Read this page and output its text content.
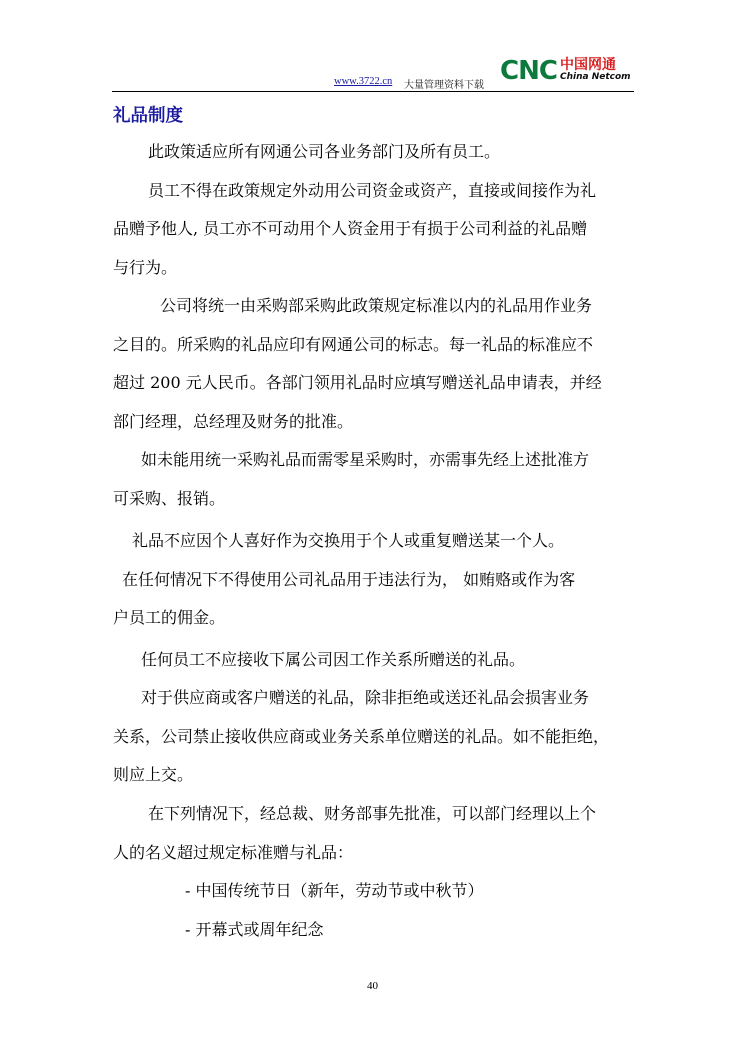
www.3722.cn 大量管理资料下载 CNC 中国网通
China Netcom
礼品制度
此政策适应所有网通公司各业务部门及所有员工。
员工不得在政策规定外动用公司资金或资产，直接或间接作为礼
品赠予他人, 员工亦不可动用个人资金用于有损于公司利益的礼品赠
与行为。
公司将统一由采购部采购此政策规定标准以内的礼品用作业务
之目的。所采购的礼品应印有网通公司的标志。每一礼品的标准应不
超过 200 元人民币。各部门领用礼品时应填写赠送礼品申请表，并经
部门经理，总经理及财务的批准。
如未能用统一采购礼品而需零星采购时，亦需事先经上述批准方
可采购、报销。
礼品不应因个人喜好作为交换用于个人或重复赠送某一个人。
在任何情况下不得使用公司礼品用于违法行为， 如贿赂或作为客
户员工的佣金。
任何员工不应接收下属公司因工作关系所赠送的礼品。
对于供应商或客户赠送的礼品，除非拒绝或送还礼品会损害业务
关系，公司禁止接收供应商或业务关系单位赠送的礼品。如不能拒绝，
则应上交。
在下列情况下，经总裁、财务部事先批准，可以部门经理以上个
人的名义超过规定标准赠与礼品：
- 中国传统节日（新年，劳动节或中秋节）
- 开幕式或周年纪念
40
